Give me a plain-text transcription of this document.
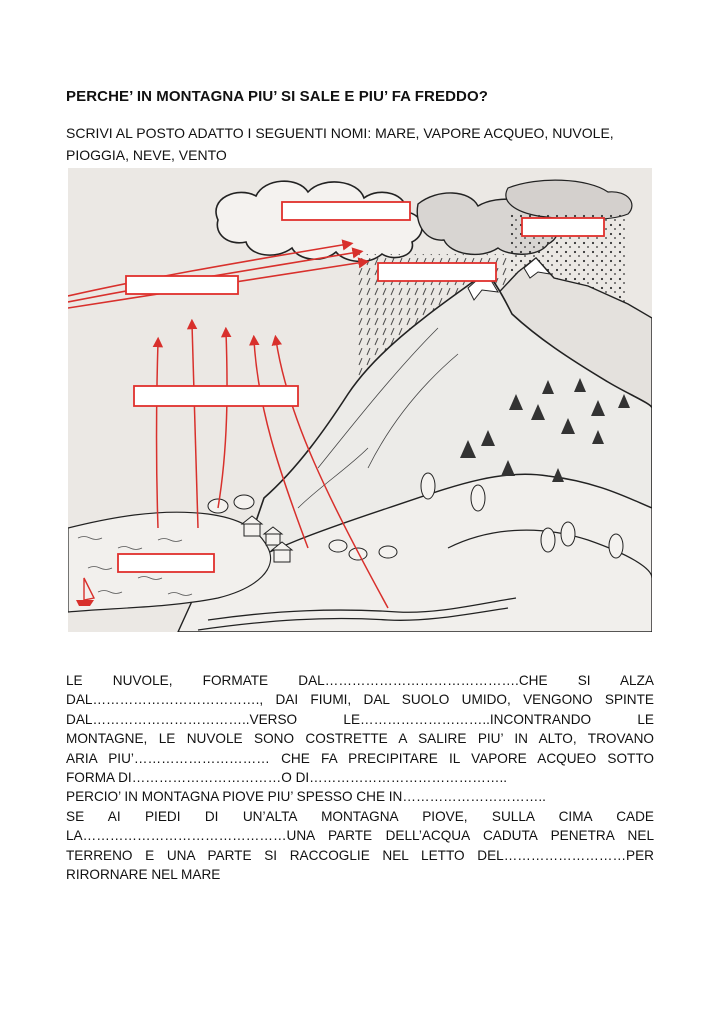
PERCHE’ IN MONTAGNA PIU’ SI SALE E PIU’ FA FREDDO?
SCRIVI AL POSTO ADATTO I SEGUENTI NOMI: MARE, VAPORE ACQUEO, NUVOLE, PIOGGIA, NEVE, VENTO
LE NUVOLE, FORMATE DAL…………………………………….CHE SI ALZA
DAL………………………………., DAI FIUMI, DAL SUOLO UMIDO, VENGONO SPINTE
DAL……………………………..VERSO LE………………………..INCONTRANDO LE
MONTAGNE, LE NUVOLE SONO COSTRETTE A SALIRE PIU’ IN ALTO, TROVANO
ARIA PIU’………………………… CHE FA PRECIPITARE IL VAPORE ACQUEO SOTTO
FORMA DI……………………………O DI……………………………………..
PERCIO’ IN MONTAGNA PIOVE PIU’ SPESSO CHE IN…………………………..
SE AI PIEDI DI UN’ALTA MONTAGNA PIOVE, SULLA CIMA CADE
LA………………………………………UNA PARTE DELL’ACQUA CADUTA PENETRA NEL
TERRENO E UNA PARTE SI RACCOGLIE NEL LETTO DEL………………………PER
RIRORNARE NEL MARE
